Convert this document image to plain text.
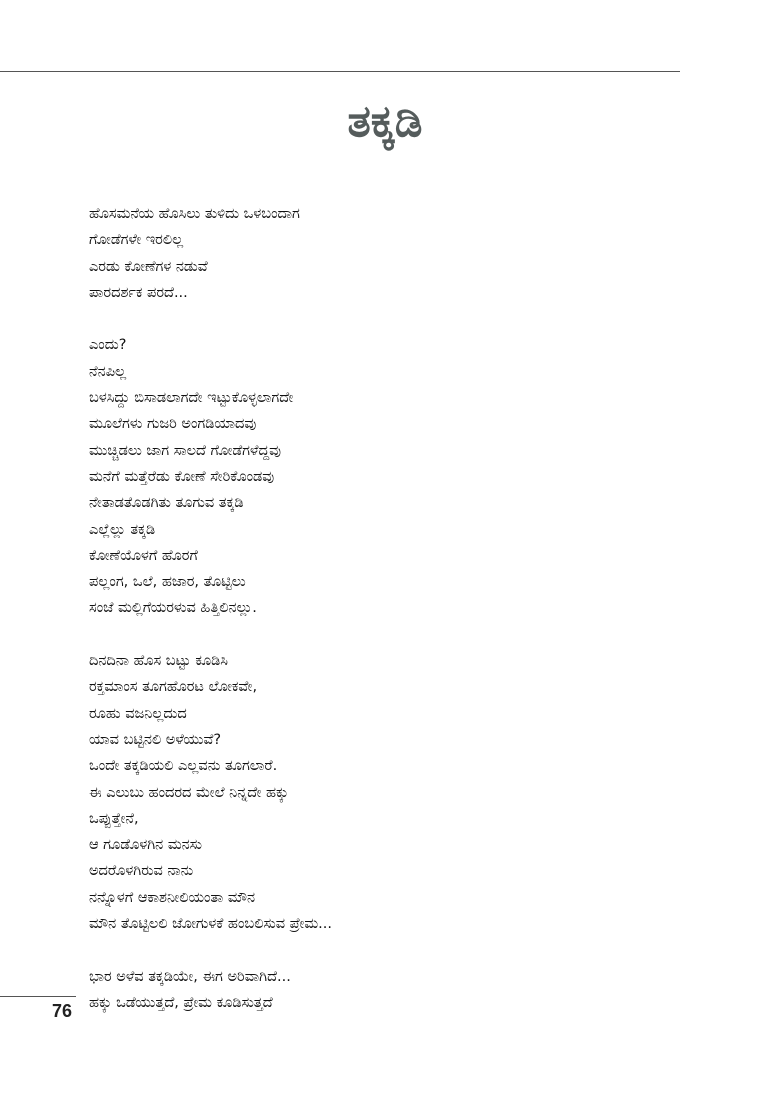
ತಕ್ಕಡಿ
ಹೊಸಮನೆಯ ಹೊಸಿಲು ತುಳಿದು ಒಳಬಂದಾಗ
ಗೋಡೆಗಳೇ ಇರಲಿಲ್ಲ
ಎರಡು ಕೋಣೆಗಳ ನಡುವೆ
ಪಾರದರ್ಶಕ ಪರದೆ...
ಎಂದು?
ನೆನಪಿಲ್ಲ
ಬಳಸಿದ್ದು ಬಿಸಾಡಲಾಗದೇ ಇಟ್ಟುಕೊಳ್ಳಲಾಗದೇ
ಮೂಲೆಗಳು ಗುಜರಿ ಅಂಗಡಿಯಾದವು
ಮುಚ್ಚಿಡಲು ಜಾಗ ಸಾಲದೆ ಗೋಡೆಗಳೆದ್ದವು
ಮನೆಗೆ ಮತ್ತೆರೆಡು ಕೋಣೆ ಸೇರಿಕೊಂಡವು
ನೇತಾಡತೊಡಗಿತು ತೂಗುವ ತಕ್ಕಡಿ
ಎಲ್ಲೆಲ್ಲು ತಕ್ಕಡಿ
ಕೋಣೆಯೊಳಗೆ ಹೊರಗೆ
ಪಲ್ಲಂಗ, ಒಲೆ, ಹಜಾರ, ತೊಟ್ಟಿಲು
ಸಂಜೆ ಮಲ್ಲಿಗೆಯರಳುವ ಹಿತ್ತಿಲಿನಲ್ಲು.
ದಿನದಿನಾ ಹೊಸ ಬಟ್ಟು ಕೂಡಿಸಿ
ರಕ್ತಮಾಂಸ ತೂಗಹೊರಟ ಲೋಕವೇ,
ರೂಹು ವಜನಿಲ್ಲದುದ
ಯಾವ ಬಟ್ಟಿನಲಿ ಅಳೆಯುವೆ?
ಒಂದೇ ತಕ್ಕಡಿಯಲಿ ಎಲ್ಲವನು ತೂಗಲಾರೆ.
ಈ ಎಲುಬು ಹಂದರದ ಮೇಲೆ ನಿನ್ನದೇ ಹಕ್ಕು
ಒಪ್ಪುತ್ತೇನೆ,
ಆ ಗೂಡೊಳಗಿನ ಮನಸು
ಅದರೊಳಗಿರುವ ನಾನು
ನನ್ನೊಳಗೆ ಆಕಾಶನೀಲಿಯಂತಾ ಮೌನ
ಮೌನ ತೊಟ್ಟಿಲಲಿ ಜೋಗುಳಕೆ ಹಂಬಲಿಸುವ ಪ್ರೇಮ...
ಭಾರ ಅಳೆವ ತಕ್ಕಡಿಯೇ, ಈಗ ಅರಿವಾಗಿದೆ...
ಹಕ್ಕು ಒಡೆಯುತ್ತದೆ, ಪ್ರೇಮ ಕೂಡಿಸುತ್ತದೆ
76
